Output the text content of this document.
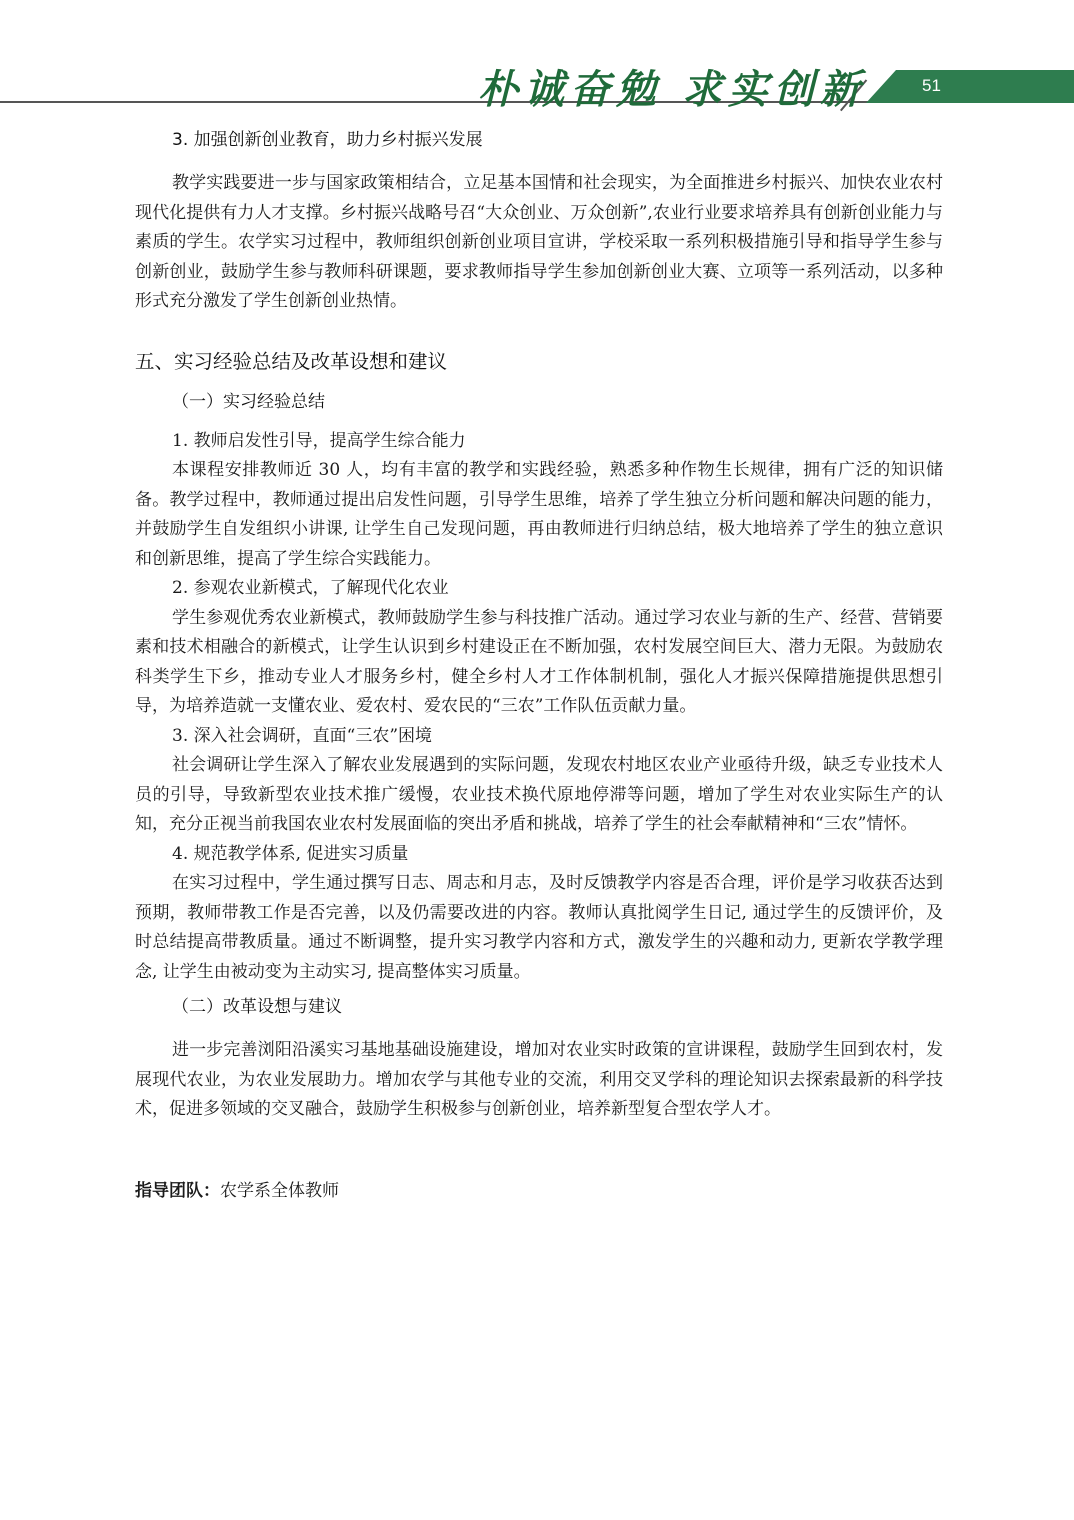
朴诚奋勉 求实创新	51
3. 加强创新创业教育，助力乡村振兴发展

教学实践要进一步与国家政策相结合，立足基本国情和社会现实，为全面推进乡村振兴、加快农业农村现代化提供有力人才支撑。乡村振兴战略号召“大众创业、万众创新”,农业行业要求培养具有创新创业能力与素质的学生。农学实习过程中，教师组织创新创业项目宣讲，学校采取一系列积极措施引导和指导学生参与创新创业，鼓励学生参与教师科研课题，要求教师指导学生参加创新创业大赛、立项等一系列活动，以多种形式充分激发了学生创新创业热情。

五、实习经验总结及改革设想和建议
（一）实习经验总结
1. 教师启发性引导，提高学生综合能力

本课程安排教师近 30 人，均有丰富的教学和实践经验，熟悉多种作物生长规律，拥有广泛的知识储备。教学过程中，教师通过提出启发性问题，引导学生思维，培养了学生独立分析问题和解决问题的能力，并鼓励学生自发组织小讲课, 让学生自己发现问题，再由教师进行归纳总结，极大地培养了学生的独立意识和创新思维，提高了学生综合实践能力。

2. 参观农业新模式，了解现代化农业

学生参观优秀农业新模式，教师鼓励学生参与科技推广活动。通过学习农业与新的生产、经营、营销要素和技术相融合的新模式，让学生认识到乡村建设正在不断加强，农村发展空间巨大、潜力无限。为鼓励农科类学生下乡，推动专业人才服务乡村，健全乡村人才工作体制机制，强化人才振兴保障措施提供思想引导，为培养造就一支懂农业、爱农村、爱农民的“三农”工作队伍贡献力量。

3. 深入社会调研，直面“三农”困境

社会调研让学生深入了解农业发展遇到的实际问题，发现农村地区农业产业亟待升级，缺乏专业技术人员的引导，导致新型农业技术推广缓慢，农业技术换代原地停滞等问题，增加了学生对农业实际生产的认知，充分正视当前我国农业农村发展面临的突出矛盾和挑战，培养了学生的社会奉献精神和“三农”情怀。

4. 规范教学体系, 促进实习质量

在实习过程中，学生通过撰写日志、周志和月志，及时反馈教学内容是否合理，评价是学习收获否达到预期，教师带教工作是否完善，以及仍需要改进的内容。教师认真批阅学生日记, 通过学生的反馈评价，及时总结提高带教质量。通过不断调整，提升实习教学内容和方式，激发学生的兴趣和动力, 更新农学教学理念, 让学生由被动变为主动实习, 提高整体实习质量。

（二）改革设想与建议

进一步完善浏阳沿溪实习基地基础设施建设，增加对农业实时政策的宣讲课程，鼓励学生回到农村，发展现代农业，为农业发展助力。增加农学与其他专业的交流，利用交叉学科的理论知识去探索最新的科学技术，促进多领域的交叉融合，鼓励学生积极参与创新创业，培养新型复合型农学人才。

指导团队：农学系全体教师
